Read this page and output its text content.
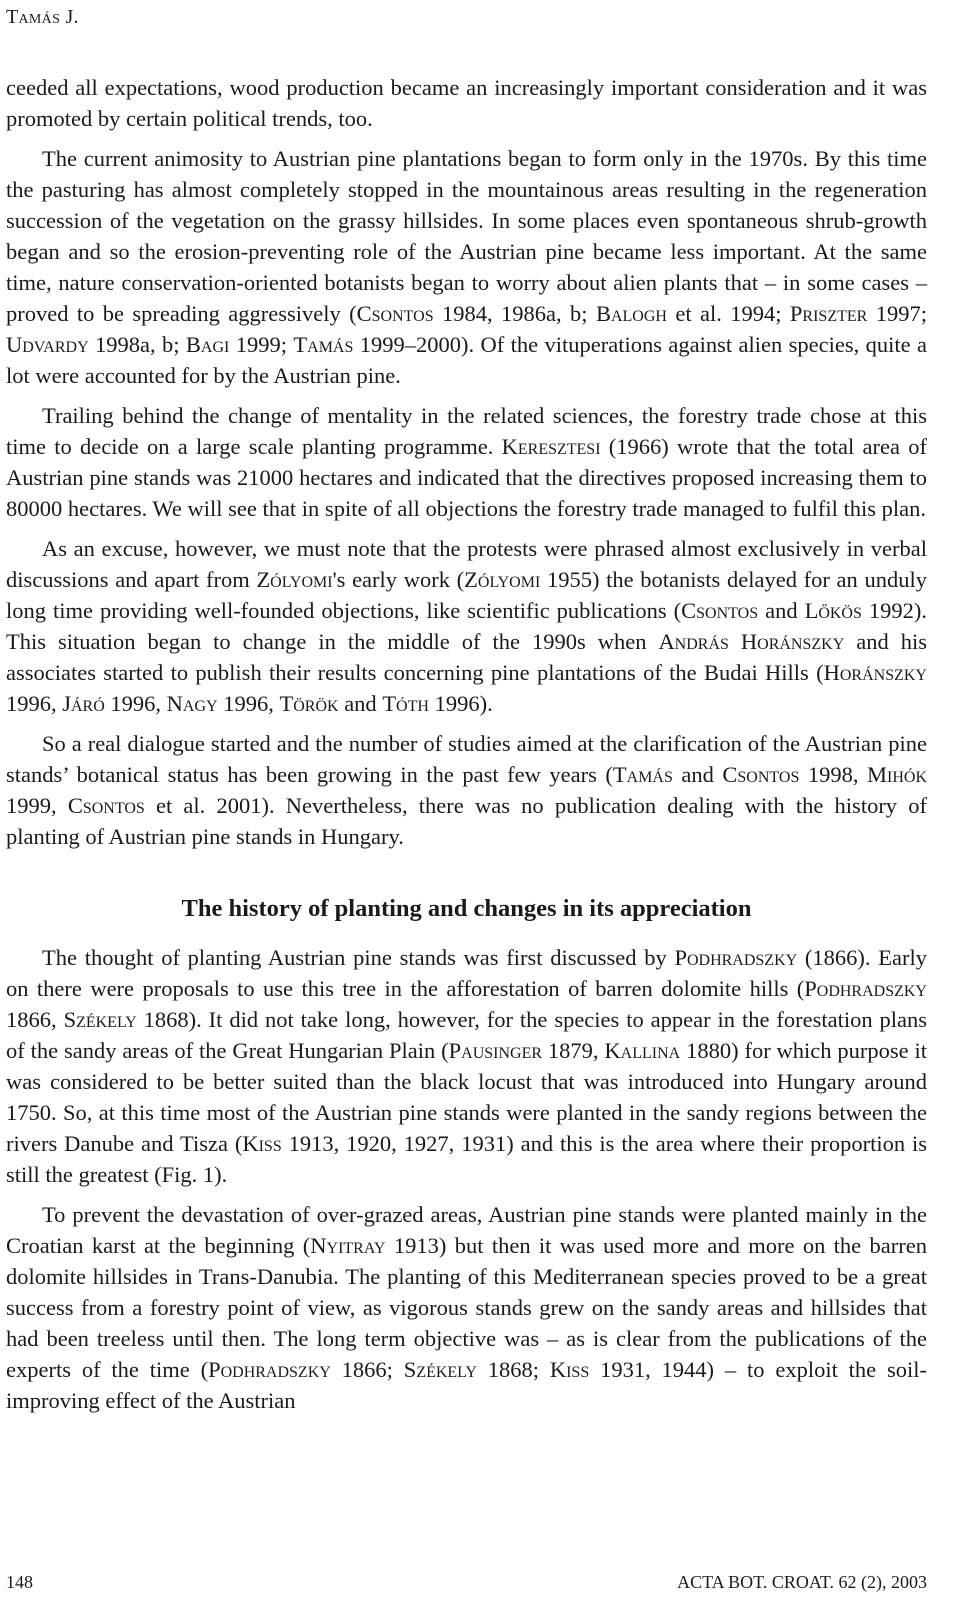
Tamás J.

ceeded all expectations, wood production became an increasingly important consideration and it was promoted by certain political trends, too.

The current animosity to Austrian pine plantations began to form only in the 1970s. By this time the pasturing has almost completely stopped in the mountainous areas resulting in the regeneration succession of the vegetation on the grassy hillsides. In some places even spontaneous shrub-growth began and so the erosion-preventing role of the Austrian pine became less important. At the same time, nature conservation-oriented botanists began to worry about alien plants that – in some cases – proved to be spreading aggressively (Csontos 1984, 1986a, b; Balogh et al. 1994; Priszter 1997; Udvardy 1998a, b; Bagi 1999; Tamás 1999–2000). Of the vituperations against alien species, quite a lot were accounted for by the Austrian pine.

Trailing behind the change of mentality in the related sciences, the forestry trade chose at this time to decide on a large scale planting programme. Keresztesi (1966) wrote that the total area of Austrian pine stands was 21000 hectares and indicated that the directives proposed increasing them to 80000 hectares. We will see that in spite of all objections the forestry trade managed to fulfil this plan.

As an excuse, however, we must note that the protests were phrased almost exclusively in verbal discussions and apart from Zólyomi's early work (Zólyomi 1955) the botanists delayed for an unduly long time providing well-founded objections, like scientific publications (Csontos and Lőkös 1992). This situation began to change in the middle of the 1990s when András Horánszky and his associates started to publish their results concerning pine plantations of the Budai Hills (Horánszky 1996, Járó 1996, Nagy 1996, Török and Tóth 1996).

So a real dialogue started and the number of studies aimed at the clarification of the Austrian pine stands’ botanical status has been growing in the past few years (Tamás and Csontos 1998, Mihók 1999, Csontos et al. 2001). Nevertheless, there was no publication dealing with the history of planting of Austrian pine stands in Hungary.

The history of planting and changes in its appreciation

The thought of planting Austrian pine stands was first discussed by Podhradszky (1866). Early on there were proposals to use this tree in the afforestation of barren dolomite hills (Podhradszky 1866, Székely 1868). It did not take long, however, for the species to appear in the forestation plans of the sandy areas of the Great Hungarian Plain (Pausinger 1879, Kallina 1880) for which purpose it was considered to be better suited than the black locust that was introduced into Hungary around 1750. So, at this time most of the Austrian pine stands were planted in the sandy regions between the rivers Danube and Tisza (Kiss 1913, 1920, 1927, 1931) and this is the area where their proportion is still the greatest (Fig. 1).

To prevent the devastation of over-grazed areas, Austrian pine stands were planted mainly in the Croatian karst at the beginning (Nyitray 1913) but then it was used more and more on the barren dolomite hillsides in Trans-Danubia. The planting of this Mediterranean species proved to be a great success from a forestry point of view, as vigorous stands grew on the sandy areas and hillsides that had been treeless until then. The long term objective was – as is clear from the publications of the experts of the time (Podhradszky 1866; Székely 1868; Kiss 1931, 1944) – to exploit the soil-improving effect of the Austrian

148	ACTA BOT. CROAT. 62 (2), 2003
